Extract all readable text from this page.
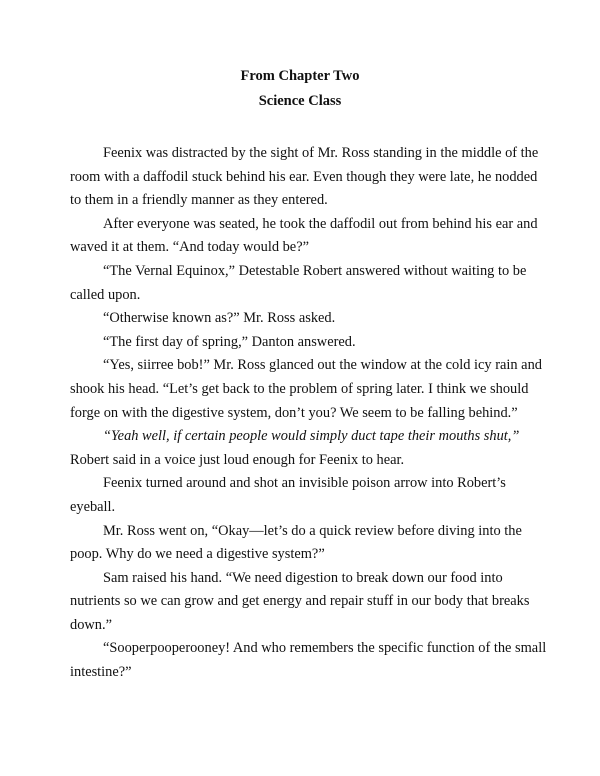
From Chapter Two
Science Class
Feenix was distracted by the sight of Mr. Ross standing in the middle of the
room with a daffodil stuck behind his ear. Even though they were late, he nodded
to them in a friendly manner as they entered.
After everyone was seated, he took the daffodil out from behind his ear and
waved it at them. “And today would be?”
“The Vernal Equinox,” Detestable Robert answered without waiting to be
called upon.
“Otherwise known as?” Mr. Ross asked.
“The first day of spring,” Danton answered.
“Yes, siirree bob!” Mr. Ross glanced out the window at the cold icy rain and
shook his head. “Let’s get back to the problem of spring later. I think we should
forge on with the digestive system, don’t you? We seem to be falling behind.”
“Yeah well, if certain people would simply duct tape their mouths shut,”
Robert said in a voice just loud enough for Feenix to hear.
Feenix turned around and shot an invisible poison arrow into Robert’s
eyeball.
Mr. Ross went on, “Okay—let’s do a quick review before diving into the
poop. Why do we need a digestive system?”
Sam raised his hand. “We need digestion to break down our food into
nutrients so we can grow and get energy and repair stuff in our body that breaks
down.”
“Sooperpooperooney! And who remembers the specific function of the small
intestine?”
